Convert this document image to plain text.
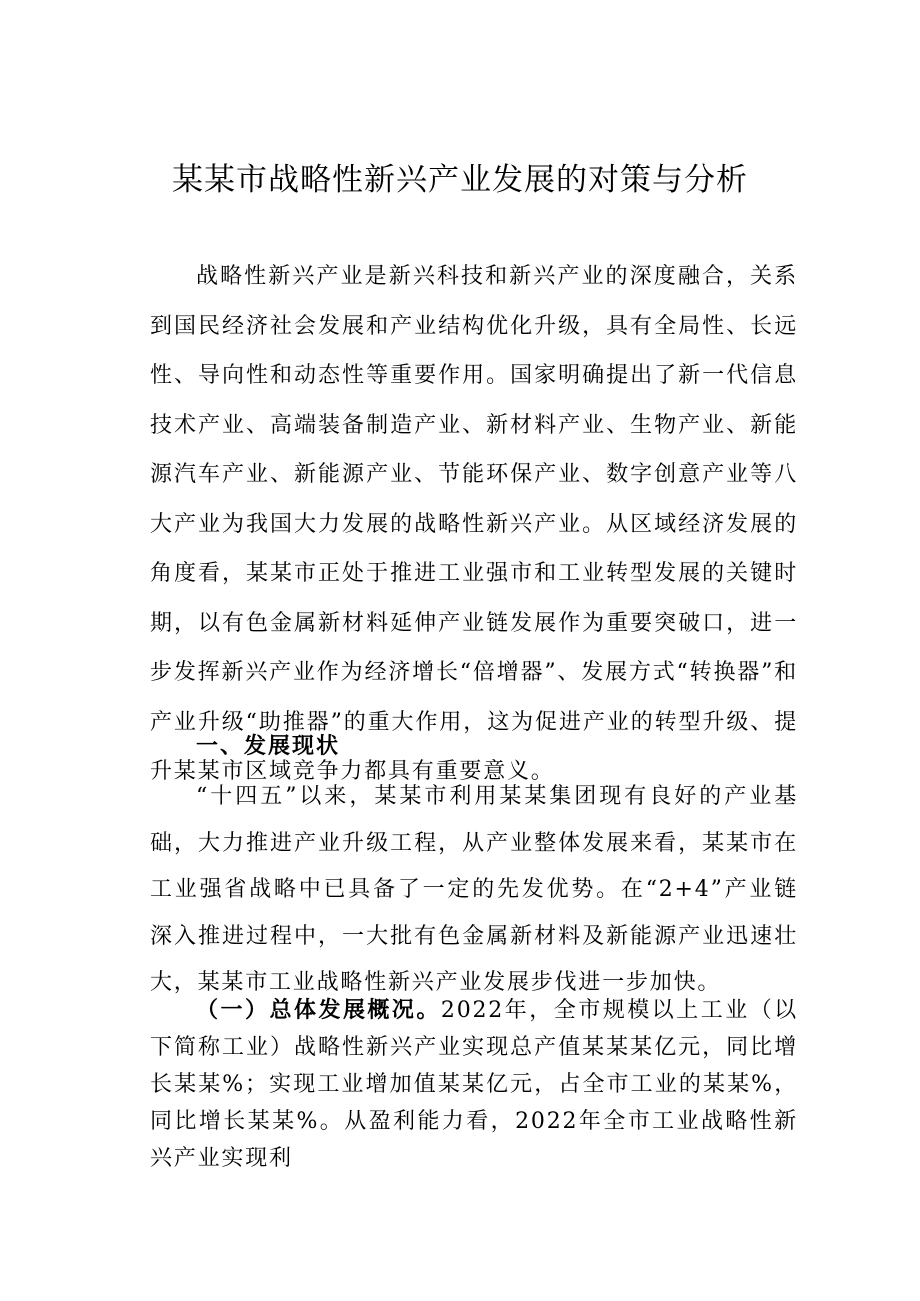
某某市战略性新兴产业发展的对策与分析

战略性新兴产业是新兴科技和新兴产业的深度融合，关系到国民经济社会发展和产业结构优化升级，具有全局性、长远性、导向性和动态性等重要作用。国家明确提出了新一代信息技术产业、高端装备制造产业、新材料产业、生物产业、新能源汽车产业、新能源产业、节能环保产业、数字创意产业等八大产业为我国大力发展的战略性新兴产业。从区域经济发展的角度看，某某市正处于推进工业强市和工业转型发展的关键时期，以有色金属新材料延伸产业链发展作为重要突破口，进一步发挥新兴产业作为经济增长“倍增器”、发展方式“转换器”和产业升级“助推器”的重大作用，这为促进产业的转型升级、提升某某市区域竞争力都具有重要意义。

一、发展现状

“十四五”以来，某某市利用某某集团现有良好的产业基础，大力推进产业升级工程，从产业整体发展来看，某某市在工业强省战略中已具备了一定的先发优势。在“2+4”产业链深入推进过程中，一大批有色金属新材料及新能源产业迅速壮大，某某市工业战略性新兴产业发展步伐进一步加快。

（一）总体发展概况。2022年，全市规模以上工业（以下简称工业）战略性新兴产业实现总产值某某某亿元，同比增长某某%；实现工业增加值某某亿元，占全市工业的某某%，同比增长某某%。从盈利能力看，2022年全市工业战略性新兴产业实现利
